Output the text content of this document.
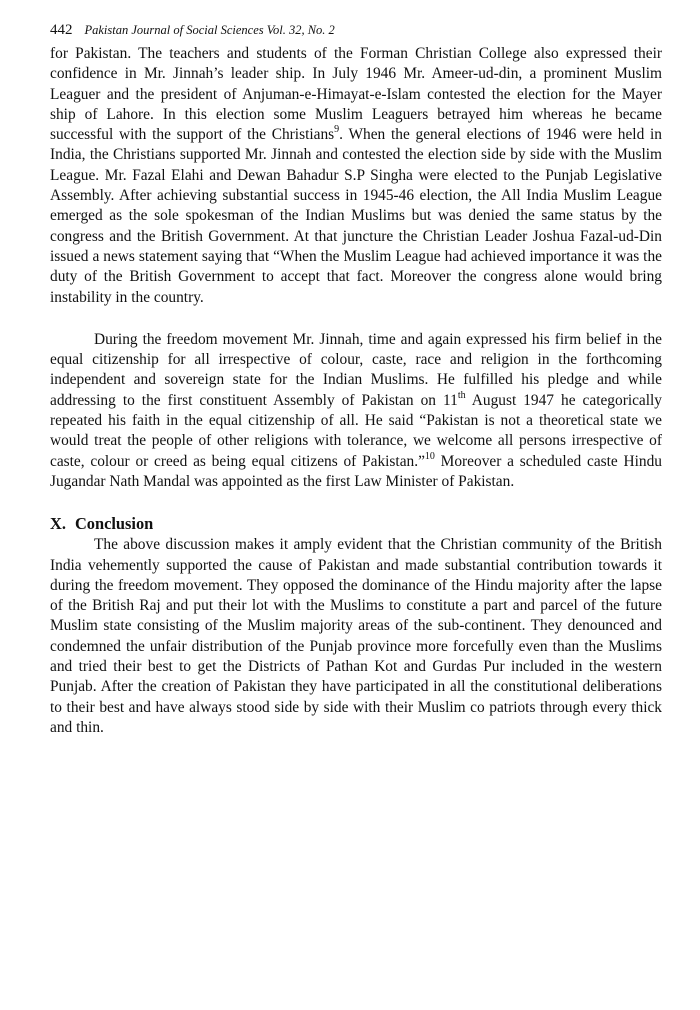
442 Pakistan Journal of Social Sciences Vol. 32, No. 2

for Pakistan. The teachers and students of the Forman Christian College also expressed their confidence in Mr. Jinnah’s leader ship. In July 1946 Mr. Ameer-ud-din, a prominent Muslim Leaguer and the president of Anjuman-e-Himayat-e-Islam contested the election for the Mayer ship of Lahore. In this election some Muslim Leaguers betrayed him whereas he became successful with the support of the Christians$^9$. When the general elections of 1946 were held in India, the Christians supported Mr. Jinnah and contested the election side by side with the Muslim League. Mr. Fazal Elahi and Dewan Bahadur S.P Singha were elected to the Punjab Legislative Assembly. After achieving substantial success in 1945-46 election, the All India Muslim League emerged as the sole spokesman of the Indian Muslims but was denied the same status by the congress and the British Government. At that juncture the Christian Leader Joshua Fazal-ud-Din issued a news statement saying that “When the Muslim League had achieved importance it was the duty of the British Government to accept that fact. Moreover the congress alone would bring instability in the country.

During the freedom movement Mr. Jinnah, time and again expressed his firm belief in the equal citizenship for all irrespective of colour, caste, race and religion in the forthcoming independent and sovereign state for the Indian Muslims. He fulfilled his pledge and while addressing to the first constituent Assembly of Pakistan on 11th August 1947 he categorically repeated his faith in the equal citizenship of all. He said “Pakistan is not a theoretical state we would treat the people of other religions with tolerance, we welcome all persons irrespective of caste, colour or creed as being equal citizens of Pakistan.”$^{10}$ Moreover a scheduled caste Hindu Jugandar Nath Mandal was appointed as the first Law Minister of Pakistan.

X. Conclusion

The above discussion makes it amply evident that the Christian community of the British India vehemently supported the cause of Pakistan and made substantial contribution towards it during the freedom movement. They opposed the dominance of the Hindu majority after the lapse of the British Raj and put their lot with the Muslims to constitute a part and parcel of the future Muslim state consisting of the Muslim majority areas of the sub-continent. They denounced and condemned the unfair distribution of the Punjab province more forcefully even than the Muslims and tried their best to get the Districts of Pathan Kot and Gurdas Pur included in the western Punjab. After the creation of Pakistan they have participated in all the constitutional deliberations to their best and have always stood side by side with their Muslim co patriots through every thick and thin.
